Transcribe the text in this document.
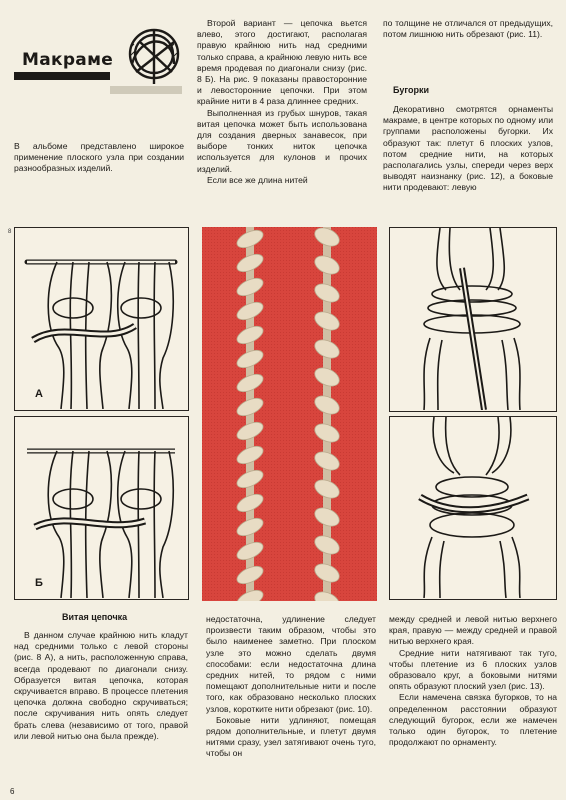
Макраме
В альбоме представлено широкое применение плоского узла при создании разнообразных изделий.

Второй вариант — цепочка вьется влево, этого достигают, располагая правую крайнюю нить над средними только справа, а крайнюю левую нить все время продевая по диагонали снизу (рис. 8 Б). На рис. 9 показаны правосторонние и левосторонние цепочки. При этом крайние нити в 4 раза длиннее средних.

Выполненная из грубых шнуров, такая витая цепочка может быть использована для создания дверных занавесок, при выборе тонких ниток цепочка используется для кулонов и прочих изделий.

Если все же длина нитей

по толщине не отличался от предыдущих, потом лишнюю нить обрезают (рис. 11).

Бугорки

Декоративно смотрятся орнаменты макраме, в центре которых по одному или группами расположены бугорки. Их образуют так: плетут 6 плоских узлов, потом средние нити, на которых располагались узлы, спереди через верх выводят наизнанку (рис. 12), а боковые нити продевают: левую

8
А
Б
Витая цепочка

В данном случае крайнюю нить кладут над средними только с левой стороны (рис. 8 А), а нить, расположенную справа, всегда продевают по диагонали снизу. Образуется витая цепочка, которая скручивается вправо. В процессе плетения цепочка должна свободно скручиваться; после скручивания нить опять следует брать слева (независимо от того, правой или левой нитью она была прежде).

недостаточна, удлинение следует произвести таким образом, чтобы это было наименее заметно. При плоском узле это можно сделать двумя способами: если недостаточна длина средних нитей, то рядом с ними помещают дополнительные нити и после того, как образовано несколько плоских узлов, коротките нити обрезают (рис. 10).

Боковые нити удлиняют, помещая рядом дополнительные, и плетут двумя нитями сразу, узел затягивают очень туго, чтобы он

между средней и левой нитью верхнего края, правую — между средней и правой нитью верхнего края.

Средние нити натягивают так туго, чтобы плетение из 6 плоских узлов образовало круг, а боковыми нитями опять образуют плоский узел (рис. 13).

Если намечена связка бугорков, то на определенном расстоянии образуют следующий бугорок, если же намечен только один бугорок, то плетение продолжают по орнаменту.

6
